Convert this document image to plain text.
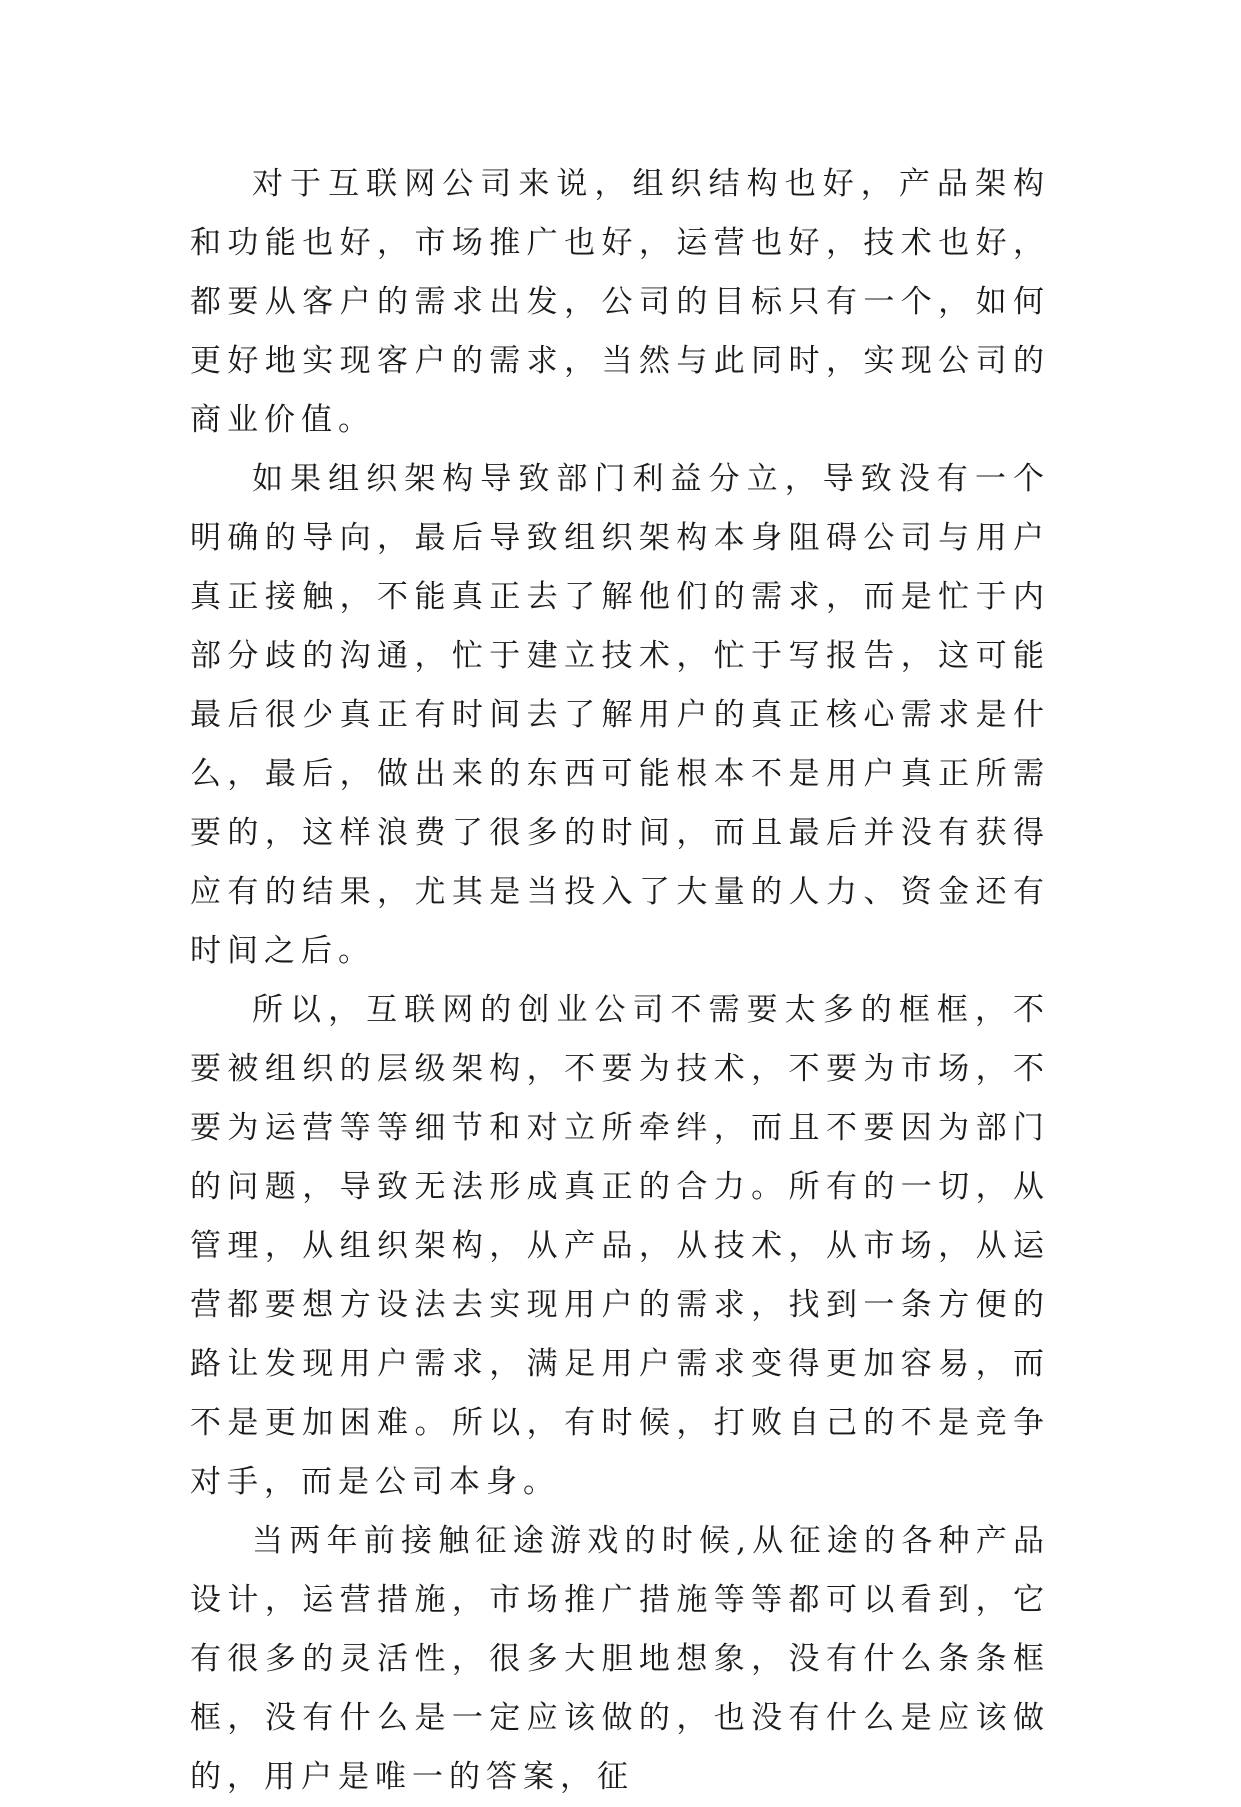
对于互联网公司来说，组织结构也好，产品架构和功能也好，市场推广也好，运营也好，技术也好，都要从客户的需求出发，公司的目标只有一个，如何更好地实现客户的需求，当然与此同时，实现公司的商业价值。

如果组织架构导致部门利益分立，导致没有一个明确的导向，最后导致组织架构本身阻碍公司与用户真正接触，不能真正去了解他们的需求，而是忙于内部分歧的沟通，忙于建立技术，忙于写报告，这可能最后很少真正有时间去了解用户的真正核心需求是什么，最后，做出来的东西可能根本不是用户真正所需要的，这样浪费了很多的时间，而且最后并没有获得应有的结果，尤其是当投入了大量的人力、资金还有时间之后。

所以，互联网的创业公司不需要太多的框框，不要被组织的层级架构，不要为技术，不要为市场，不要为运营等等细节和对立所牵绊，而且不要因为部门的问题，导致无法形成真正的合力。所有的一切，从管理，从组织架构，从产品，从技术，从市场，从运营都要想方设法去实现用户的需求，找到一条方便的路让发现用户需求，满足用户需求变得更加容易，而不是更加困难。所以，有时候，打败自己的不是竞争对手，而是公司本身。

当两年前接触征途游戏的时候,从征途的各种产品设计，运营措施，市场推广措施等等都可以看到，它有很多的灵活性，很多大胆地想象，没有什么条条框框，没有什么是一定应该做的，也没有什么是应该做的，用户是唯一的答案，征
